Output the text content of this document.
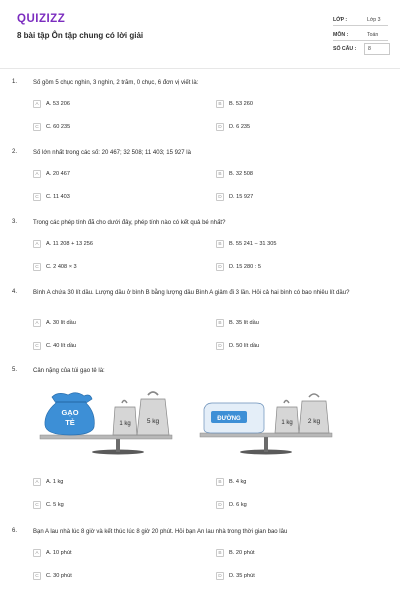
QUIZIZZ
8 bài tập Ôn tập chung có lời giải
LỚP :	Lớp 3
MÔN :	Toán
SỐ CÂU : 8
1.	Số gồm 5 chục nghìn, 3 nghìn, 2 trăm, 0 chục, 6 đơn vị viết là:
A	A. 53 206	B	B. 53 260
C	C. 60 235	D	D. 6 235
2.	Số lớn nhất trong các số: 20 467; 32 508; 11 403; 15 927 là
A	A. 20 467	B	B. 32 508
C	C. 11 403	D	D. 15 927
3.	Trong các phép tính đã cho dưới đây, phép tính nào có kết quả bé nhất?
A	A. 11 208 + 13 256	B	B. 55 241 − 31 305
C	C. 2 408 × 3	D	D. 15 280 : 5
4.	Bình A chứa 30 lít dầu. Lượng dầu ở bình B bằng lượng dầu Bình A giảm đi 3 lần. Hỏi cả hai bình có bao nhiêu lít dầu?
A	A. 30 lít dầu	B	B. 35 lít dầu
C	C. 40 lít dầu	D	D. 50 lít dầu
5.	Cân nặng của túi gạo tẻ là:
A	A. 1 kg	B	B. 4 kg
C	C. 5 kg	D	D. 6 kg
GẠO
TẺ	1 kg 5 kg	ĐƯỜNG
1 kg 2 kg
6.	Bạn A lau nhà lúc 8 giờ và kết thúc lúc 8 giờ 20 phút. Hỏi bạn An lau nhà trong thời gian bao lâu
A	A. 10 phút	B	B. 20 phút
C	C. 30 phút	D	D. 35 phút
